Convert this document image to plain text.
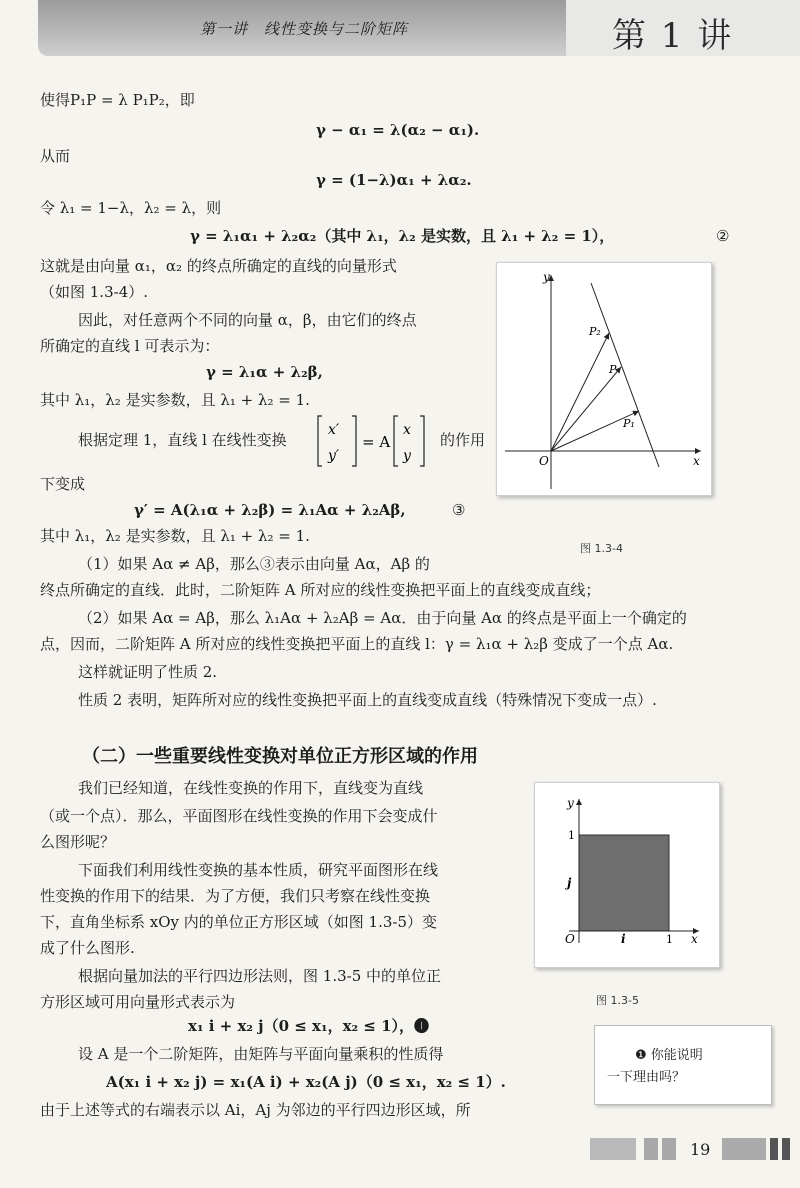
第一讲　线性变换与二阶矩阵	第 1 讲
使得P₁P = λ P₁P₂，即
γ − α₁ = λ(α₂ − α₁).
从而
γ = (1−λ)α₁ + λα₂.
令 λ₁ = 1−λ，λ₂ = λ，则
γ = λ₁α₁ + λ₂α₂（其中 λ₁，λ₂ 是实数，且 λ₁ + λ₂ = 1），	②
这就是由向量 α₁，α₂ 的终点所确定的直线的向量形式
（如图 1.3-4）.
因此，对任意两个不同的向量 α，β，由它们的终点
所确定的直线 l 可表示为：
γ = λ₁α + λ₂β,
其中 λ₁，λ₂ 是实参数，且 λ₁ + λ₂ = 1.
根据定理 1，直线 l 在线性变换
x′
y′
= A
x
y
的作用
下变成
γ′ = A(λ₁α + λ₂β) = λ₁Aα + λ₂Aβ,	③
其中 λ₁，λ₂ 是实参数，且 λ₁ + λ₂ = 1.
（1）如果 Aα ≠ Aβ，那么③表示由向量 Aα，Aβ 的
终点所确定的直线．此时，二阶矩阵 A 所对应的线性变换把平面上的直线变成直线；
（2）如果 Aα = Aβ，那么 λ₁Aα + λ₂Aβ = Aα．由于向量 Aα 的终点是平面上一个确定的
点，因而，二阶矩阵 A 所对应的线性变换把平面上的直线 l：γ = λ₁α + λ₂β 变成了一个点 Aα.
这样就证明了性质 2.
性质 2 表明，矩阵所对应的线性变换把平面上的直线变成直线（特殊情况下变成一点）.
y
x
O
P₂
P
P₁
图 1.3-4
（二）一些重要线性变换对单位正方形区域的作用
我们已经知道，在线性变换的作用下，直线变为直线
（或一个点）．那么，平面图形在线性变换的作用下会变成什
么图形呢？
下面我们利用线性变换的基本性质，研究平面图形在线
性变换的作用下的结果．为了方便，我们只考察在线性变换
下，直角坐标系 xOy 内的单位正方形区域（如图 1.3-5）变
成了什么图形.
根据向量加法的平行四边形法则，图 1.3-5 中的单位正
方形区域可用向量形式表示为
x₁ i + x₂ j（0 ≤ x₁，x₂ ≤ 1），❶
设 A 是一个二阶矩阵，由矩阵与平面向量乘积的性质得
A(x₁ i + x₂ j) = x₁(A i) + x₂(A j)（0 ≤ x₁，x₂ ≤ 1）.
由于上述等式的右端表示以 Ai，Aj 为邻边的平行四边形区域，所
y
x
O
1
1
i
j
图 1.3-5
❶ 你能说明
一下理由吗？
19
